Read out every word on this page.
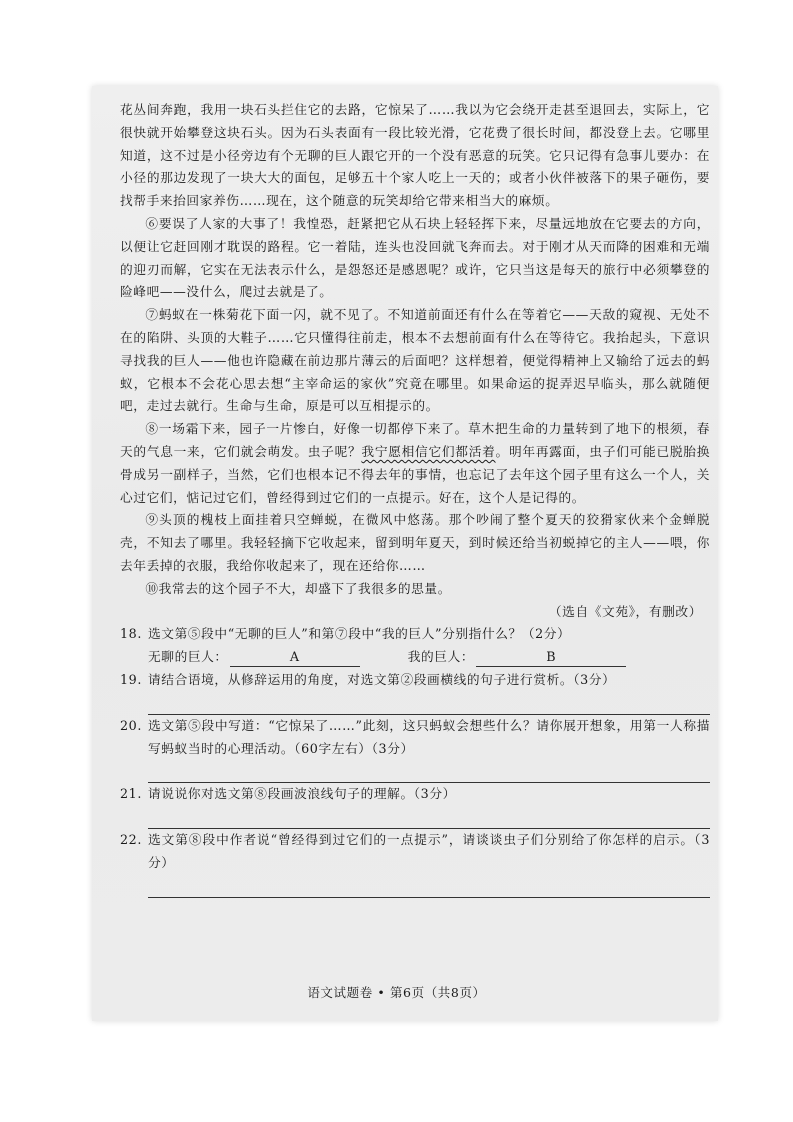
花丛间奔跑，我用一块石头拦住它的去路，它惊呆了……我以为它会绕开走甚至退回去，实际上，它很快就开始攀登这块石头。因为石头表面有一段比较光滑，它花费了很长时间，都没登上去。它哪里知道，这不过是小径旁边有个无聊的巨人跟它开的一个没有恶意的玩笑。它只记得有急事儿要办：在小径的那边发现了一块大大的面包，足够五十个家人吃上一天的；或者小伙伴被落下的果子砸伤，要找帮手来抬回家养伤……现在，这个随意的玩笑却给它带来相当大的麻烦。

⑥要误了人家的大事了！我惶恐，赶紧把它从石块上轻轻挥下来，尽量远地放在它要去的方向，以便让它赶回刚才耽误的路程。它一着陆，连头也没回就飞奔而去。对于刚才从天而降的困难和无端的迎刃而解，它实在无法表示什么，是怨怒还是感恩呢？或许，它只当这是每天的旅行中必须攀登的险峰吧——没什么，爬过去就是了。

⑦蚂蚁在一株菊花下面一闪，就不见了。不知道前面还有什么在等着它——天敌的窥视、无处不在的陷阱、头顶的大鞋子……它只懂得往前走，根本不去想前面有什么在等待它。我抬起头，下意识寻找我的巨人——他也许隐藏在前边那片薄云的后面吧？这样想着，便觉得精神上又输给了远去的蚂蚁，它根本不会花心思去想“主宰命运的家伙”究竟在哪里。如果命运的捉弄迟早临头，那么就随便吧，走过去就行。生命与生命，原是可以互相提示的。

⑧一场霜下来，园子一片惨白，好像一切都停下来了。草木把生命的力量转到了地下的根须，春天的气息一来，它们就会萌发。虫子呢？我宁愿相信它们都活着。明年再露面，虫子们可能已脱胎换骨成另一副样子，当然，它们也根本记不得去年的事情，也忘记了去年这个园子里有这么一个人，关心过它们，惦记过它们，曾经得到过它们的一点提示。好在，这个人是记得的。

⑨头顶的槐枝上面挂着只空蝉蜕，在微风中悠荡。那个吵闹了整个夏天的狡猾家伙来个金蝉脱壳，不知去了哪里。我轻轻摘下它收起来，留到明年夏天，到时候还给当初蜕掉它的主人——喂，你去年丢掉的衣服，我给你收起来了，现在还给你……

⑩我常去的这个园子不大，却盛下了我很多的思量。

（选自《文苑》，有删改）

18. 选文第⑤段中“无聊的巨人”和第⑦段中“我的巨人”分别指什么？（2分）
无聊的巨人：	A	我的巨人：	B
19. 请结合语境，从修辞运用的角度，对选文第②段画横线的句子进行赏析。（3分）
20. 选文第⑤段中写道：“它惊呆了……”此刻，这只蚂蚁会想些什么？请你展开想象，用第一人称描写蚂蚁当时的心理活动。（60字左右）（3分）
21. 请说说你对选文第⑧段画波浪线句子的理解。（3分）
22. 选文第⑧段中作者说“曾经得到过它们的一点提示”，请谈谈虫子们分别给了你怎样的启示。（3分）
语文试题卷 • 第6页（共8页）
